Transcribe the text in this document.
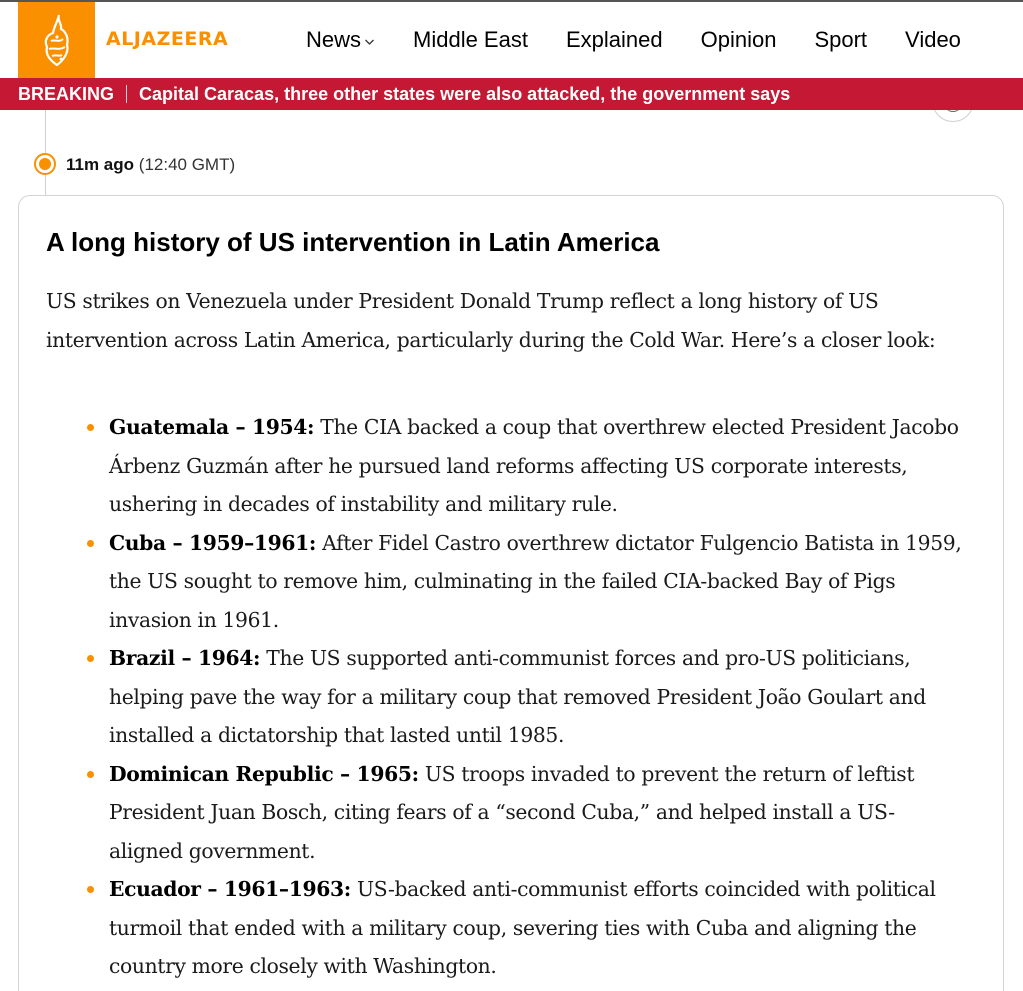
ALJAZEERA	News Middle East Explained Opinion Sport Video
BREAKING Capital Caracas, three other states were also attacked, the government says
11m ago (12:40 GMT)
A long history of US intervention in Latin America

US strikes on Venezuela under President Donald Trump reflect a long history of US intervention across Latin America, particularly during the Cold War. Here’s a closer look:

Guatemala – 1954: The CIA backed a coup that overthrew elected President Jacobo Árbenz Guzmán after he pursued land reforms affecting US corporate interests, ushering in decades of instability and military rule.
Cuba – 1959–1961: After Fidel Castro overthrew dictator Fulgencio Batista in 1959, the US sought to remove him, culminating in the failed CIA-backed Bay of Pigs invasion in 1961.
Brazil – 1964: The US supported anti-communist forces and pro-US politicians, helping pave the way for a military coup that removed President João Goulart and installed a dictatorship that lasted until 1985.
Dominican Republic – 1965: US troops invaded to prevent the return of leftist President Juan Bosch, citing fears of a “second Cuba,” and helped install a US-aligned government.
Ecuador – 1961–1963: US-backed anti-communist efforts coincided with political turmoil that ended with a military coup, severing ties with Cuba and aligning the country more closely with Washington.
